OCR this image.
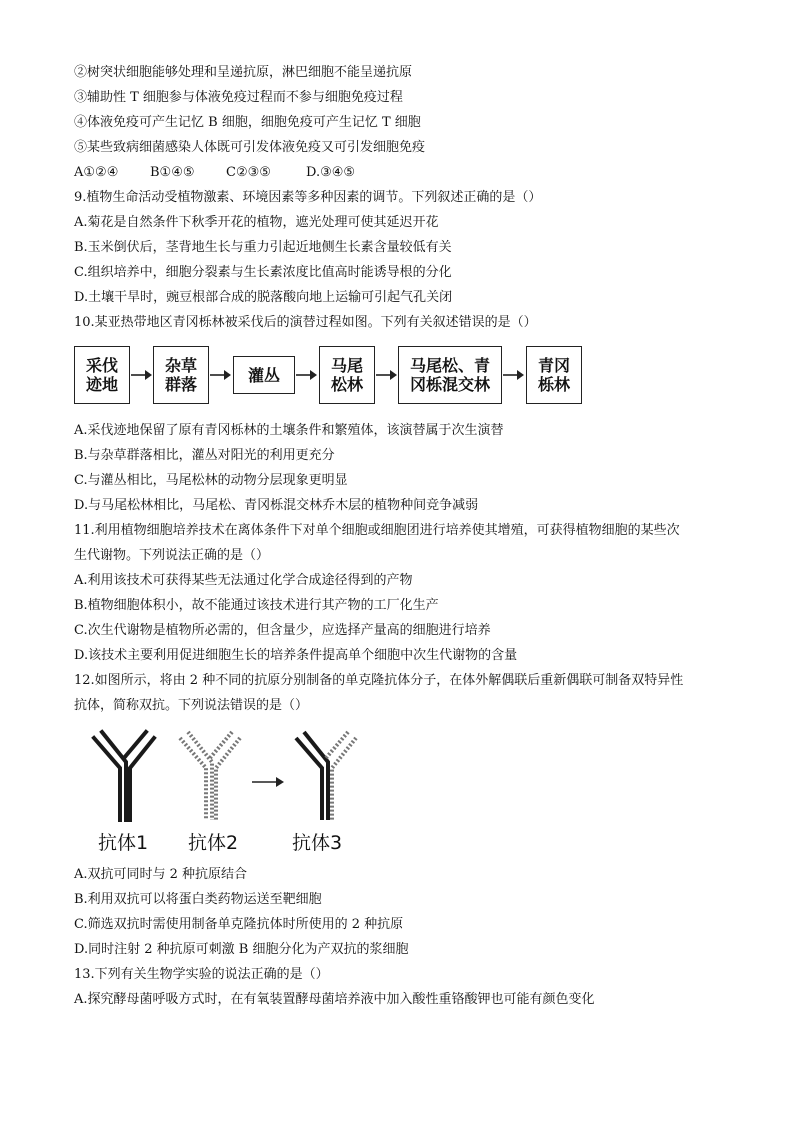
②树突状细胞能够处理和呈递抗原，淋巴细胞不能呈递抗原
③辅助性 T 细胞参与体液免疫过程而不参与细胞免疫过程
④体液免疫可产生记忆 B 细胞，细胞免疫可产生记忆 T 细胞
⑤某些致病细菌感染人体既可引发体液免疫又可引发细胞免疫
A①②④ B①④⑤ C②③⑤	D.③④⑤
9.植物生命活动受植物激素、环境因素等多种因素的调节。下列叙述正确的是（）
A.菊花是自然条件下秋季开花的植物，遮光处理可使其延迟开花
B.玉米倒伏后，茎背地生长与重力引起近地侧生长素含量较低有关
C.组织培养中，细胞分裂素与生长素浓度比值高时能诱导根的分化
D.土壤干旱时，豌豆根部合成的脱落酸向地上运输可引起气孔关闭
10.某亚热带地区青冈栎林被采伐后的演替过程如图。下列有关叙述错误的是（）
采伐
迹地
杂草
群落	灌丛	马尾
松林
马尾松、青
冈栎混交林
青冈
栎林
A.采伐迹地保留了原有青冈栎林的土壤条件和繁殖体，该演替属于次生演替
B.与杂草群落相比，灌丛对阳光的利用更充分
C.与灌丛相比，马尾松林的动物分层现象更明显
D.与马尾松林相比，马尾松、青冈栎混交林乔木层的植物种间竞争减弱
11.利用植物细胞培养技术在离体条件下对单个细胞或细胞团进行培养使其增殖，可获得植物细胞的某些次
生代谢物。下列说法正确的是（）
A.利用该技术可获得某些无法通过化学合成途径得到的产物
B.植物细胞体积小，故不能通过该技术进行其产物的工厂化生产
C.次生代谢物是植物所必需的，但含量少，应选择产量高的细胞进行培养
D.该技术主要利用促进细胞生长的培养条件提高单个细胞中次生代谢物的含量
12.如图所示，将由 2 种不同的抗原分别制备的单克隆抗体分子，在体外解偶联后重新偶联可制备双特异性
抗体，简称双抗。下列说法错误的是（）
抗体1 抗体2	抗体3
A.双抗可同时与 2 种抗原结合
B.利用双抗可以将蛋白类药物运送至靶细胞
C.筛选双抗时需使用制备单克隆抗体时所使用的 2 种抗原
D.同时注射 2 种抗原可刺激 B 细胞分化为产双抗的浆细胞
13.下列有关生物学实验的说法正确的是（）
A.探究酵母菌呼吸方式时，在有氧装置酵母菌培养液中加入酸性重铬酸钾也可能有颜色变化
